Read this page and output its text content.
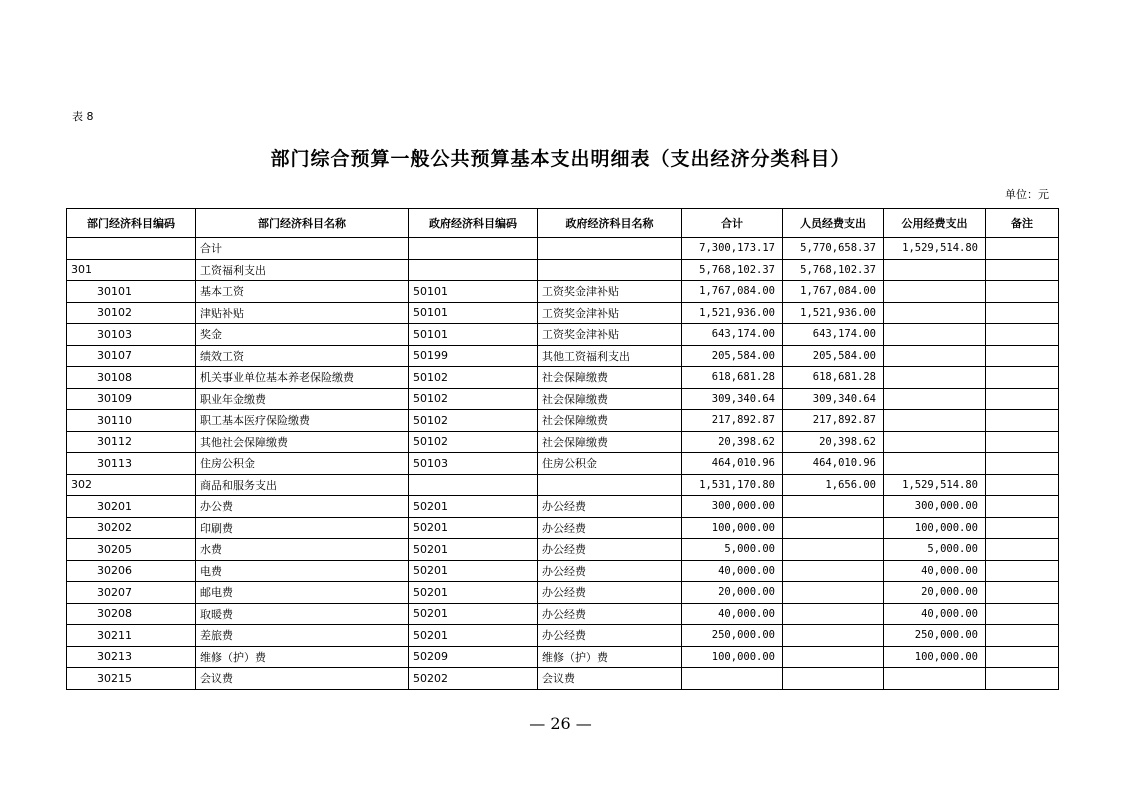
表 8
部门综合预算一般公共预算基本支出明细表（支出经济分类科目）
单位：元
部门经济科目编码	部门经济科目名称	政府经济科目编码	政府经济科目名称	合计	人员经费支出	公用经费支出	备注
	合计			7,300,173.17	5,770,658.37	1,529,514.80	
301	工资福利支出			5,768,102.37	5,768,102.37		
30101	基本工资	50101	工资奖金津补贴	1,767,084.00	1,767,084.00		
30102	津贴补贴	50101	工资奖金津补贴	1,521,936.00	1,521,936.00		
30103	奖金	50101	工资奖金津补贴	643,174.00	643,174.00		
30107	绩效工资	50199	其他工资福利支出	205,584.00	205,584.00		
30108	机关事业单位基本养老保险缴费	50102	社会保障缴费	618,681.28	618,681.28		
30109	职业年金缴费	50102	社会保障缴费	309,340.64	309,340.64		
30110	职工基本医疗保险缴费	50102	社会保障缴费	217,892.87	217,892.87		
30112	其他社会保障缴费	50102	社会保障缴费	20,398.62	20,398.62		
30113	住房公积金	50103	住房公积金	464,010.96	464,010.96		
302	商品和服务支出			1,531,170.80	1,656.00	1,529,514.80	
30201	办公费	50201	办公经费	300,000.00		300,000.00	
30202	印刷费	50201	办公经费	100,000.00		100,000.00	
30205	水费	50201	办公经费	5,000.00		5,000.00	
30206	电费	50201	办公经费	40,000.00		40,000.00	
30207	邮电费	50201	办公经费	20,000.00		20,000.00	
30208	取暖费	50201	办公经费	40,000.00		40,000.00	
30211	差旅费	50201	办公经费	250,000.00		250,000.00	
30213	维修（护）费	50209	维修（护）费	100,000.00		100,000.00	
30215	会议费	50202	会议费				
— 26 —
